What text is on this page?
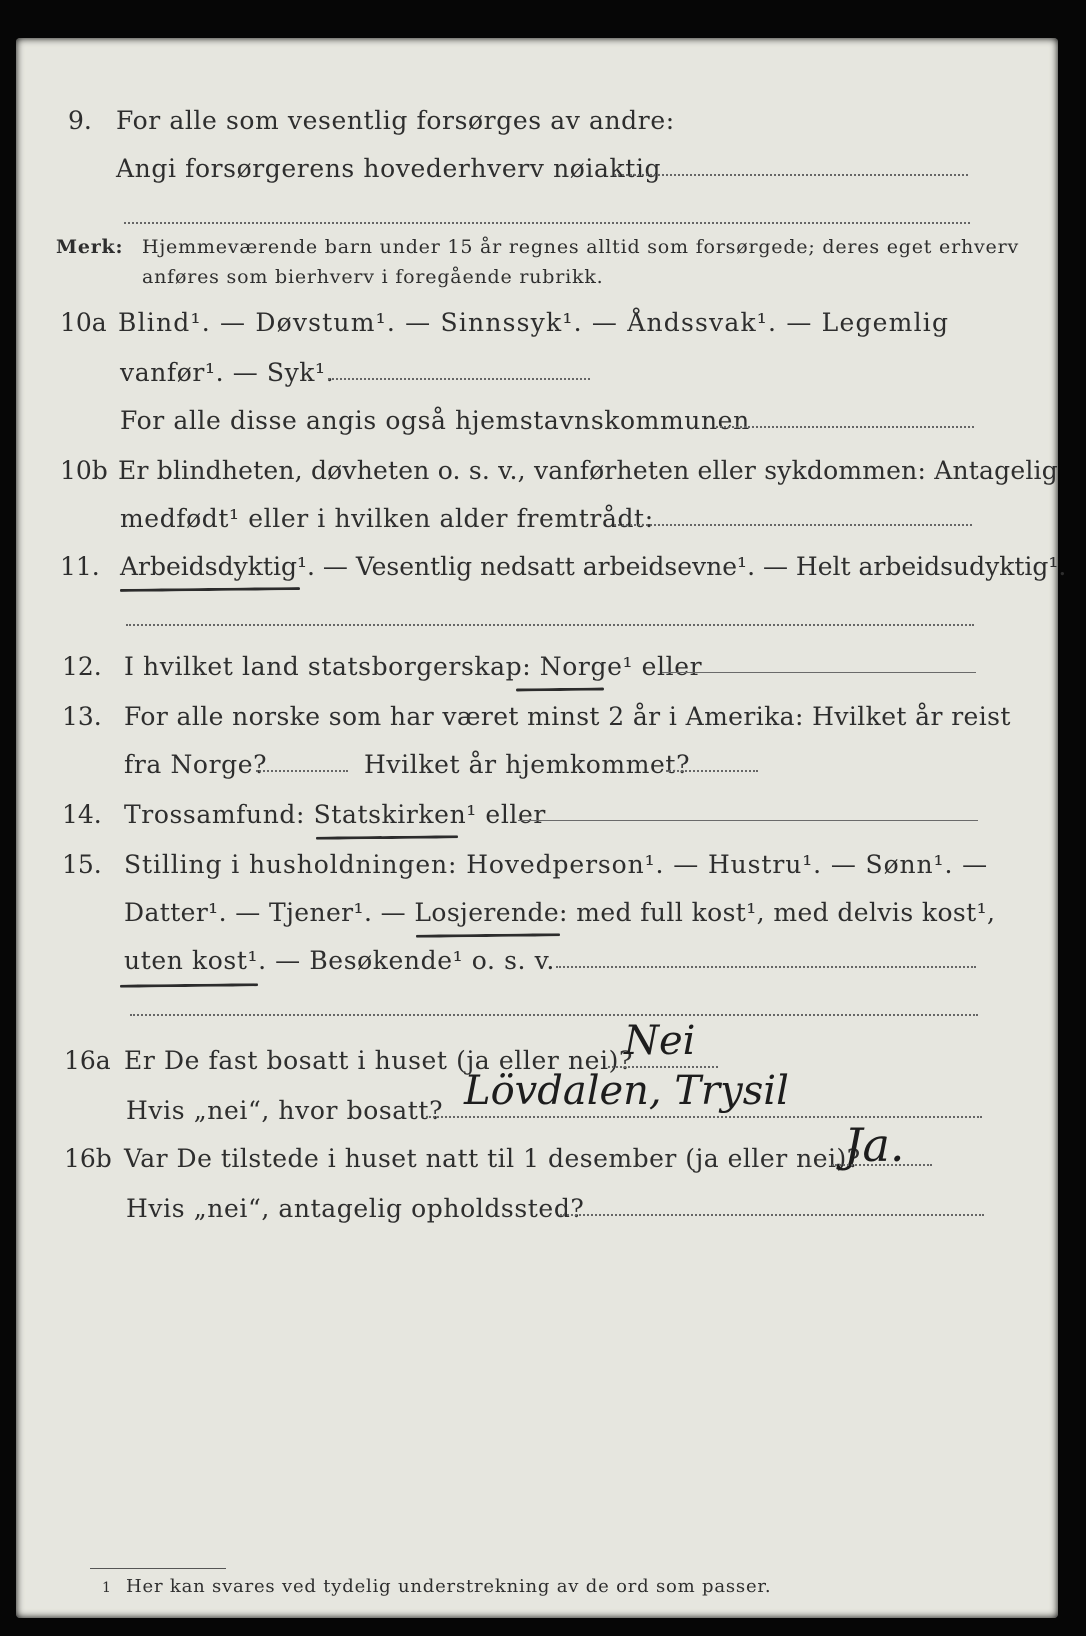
9. For alle som vesentlig forsørges av andre:
Angi forsørgerens hovederhverv nøiaktig
Merk: Hjemmeværende barn under 15 år regnes alltid som forsørgede; deres eget erhverv
anføres som bierhverv i foregående rubrikk.
10a Blind¹. — Døvstum¹. — Sinnssyk¹. — Åndssvak¹. — Legemlig
vanfør¹. — Syk¹.
For alle disse angis også hjemstavnskommunen
10b Er blindheten, døvheten o. s. v., vanførheten eller sykdommen: Antagelig
medfødt¹ eller i hvilken alder fremtrådt:
11. Arbeidsdyktig¹. — Vesentlig nedsatt arbeidsevne¹. — Helt arbeidsudyktig¹.
12. I hvilket land statsborgerskap: Norge¹ eller
13. For alle norske som har været minst 2 år i Amerika: Hvilket år reist
fra Norge?	Hvilket år hjemkommet?
14. Trossamfund: Statskirken¹ eller
15. Stilling i husholdningen: Hovedperson¹. — Hustru¹. — Sønn¹. —
Datter¹. — Tjener¹. — Losjerende: med full kost¹, med delvis kost¹,
uten kost¹. — Besøkende¹ o. s. v.
16a Er De fast bosatt i huset (ja eller nei)?
Nei
Hvis „nei“, hvor bosatt? Lövdalen, Trysil
16b Var De tilstede i huset natt til 1 desember (ja eller nei)?
Ja.
Hvis „nei“, antagelig opholdssted?
1 Her kan svares ved tydelig understrekning av de ord som passer.
